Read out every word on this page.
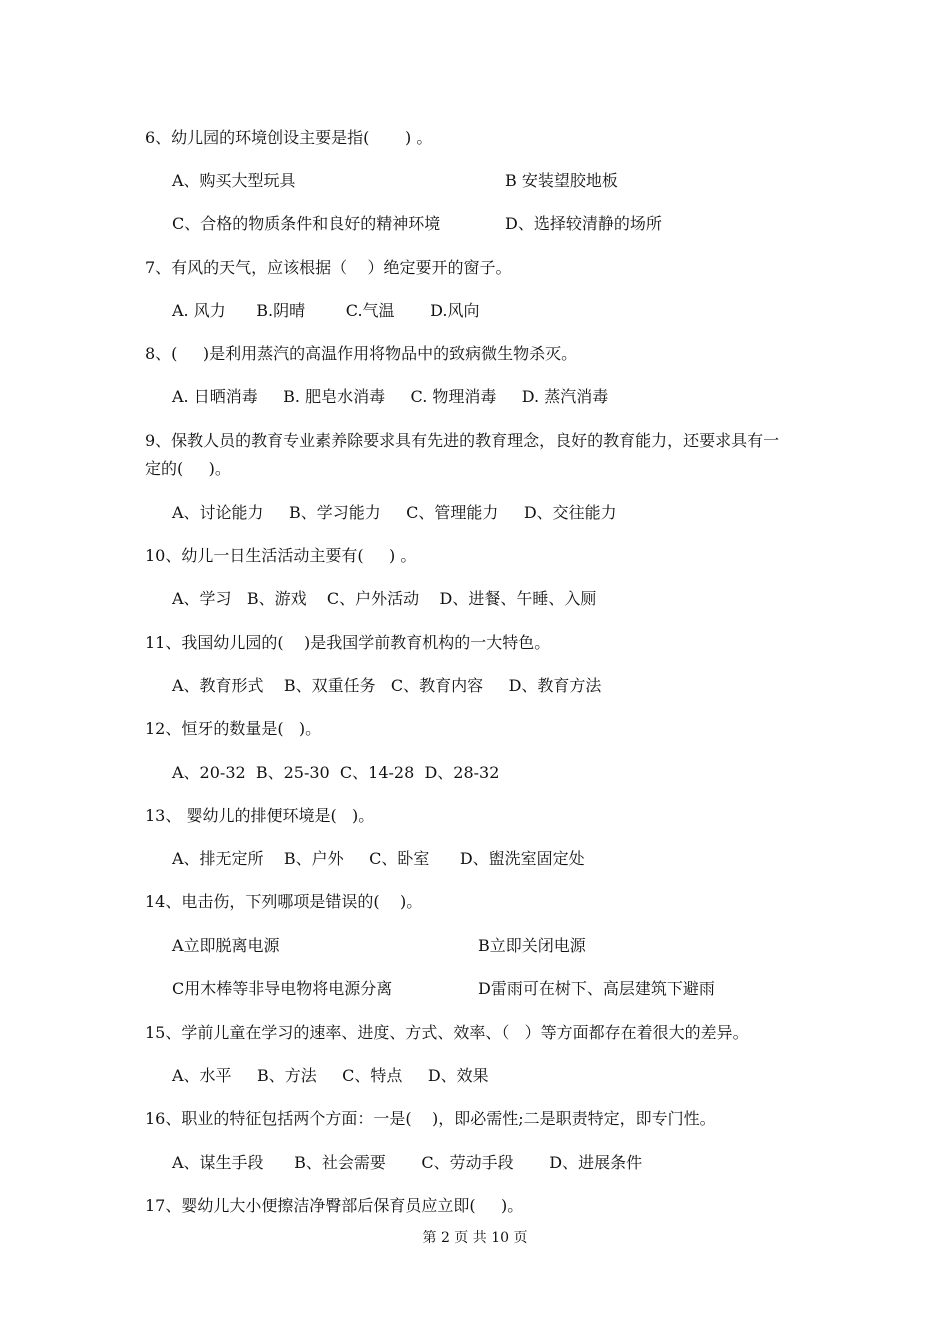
6、幼儿园的环境创设主要是指(       ) 。
A、购买大型玩具	B 安装望胶地板
C、合格的物质条件和良好的精神环境	D、选择较清静的场所
7、有风的天气，应该根据（    ）绝定要开的窗子。
A. 风力      B.阴晴        C.气温       D.风向
8、(     )是利用蒸汽的高温作用将物品中的致病微生物杀灭。
A. 日晒消毒     B. 肥皂水消毒     C. 物理消毒     D. 蒸汽消毒
9、保教人员的教育专业素养除要求具有先进的教育理念，良好的教育能力，还要求具有一
定的(     )。
A、讨论能力     B、学习能力     C、管理能力     D、交往能力
10、幼儿一日生活活动主要有(     ) 。
A、学习   B、游戏    C、户外活动    D、进餐、午睡、入厕
11、我国幼儿园的(    )是我国学前教育机构的一大特色。
A、教育形式    B、双重任务   C、教育内容     D、教育方法
12、恒牙的数量是(   )。
A、20-32  B、25-30  C、14-28  D、28-32
13、 婴幼儿的排便环境是(   )。
A、排无定所    B、户外     C、卧室      D、盥洗室固定处
14、电击伤，下列哪项是错误的(    )。
A立即脱离电源	B立即关闭电源
C用木棒等非导电物将电源分离	D雷雨可在树下、高层建筑下避雨
15、学前儿童在学习的速率、进度、方式、效率、（   ）等方面都存在着很大的差异。
A、水平     B、方法     C、特点     D、效果
16、职业的特征包括两个方面：一是(    )，即必需性;二是职责特定，即专门性。
A、谋生手段      B、社会需要       C、劳动手段       D、进展条件
17、婴幼儿大小便擦洁净臀部后保育员应立即(     )。
第 2 页 共 10 页
